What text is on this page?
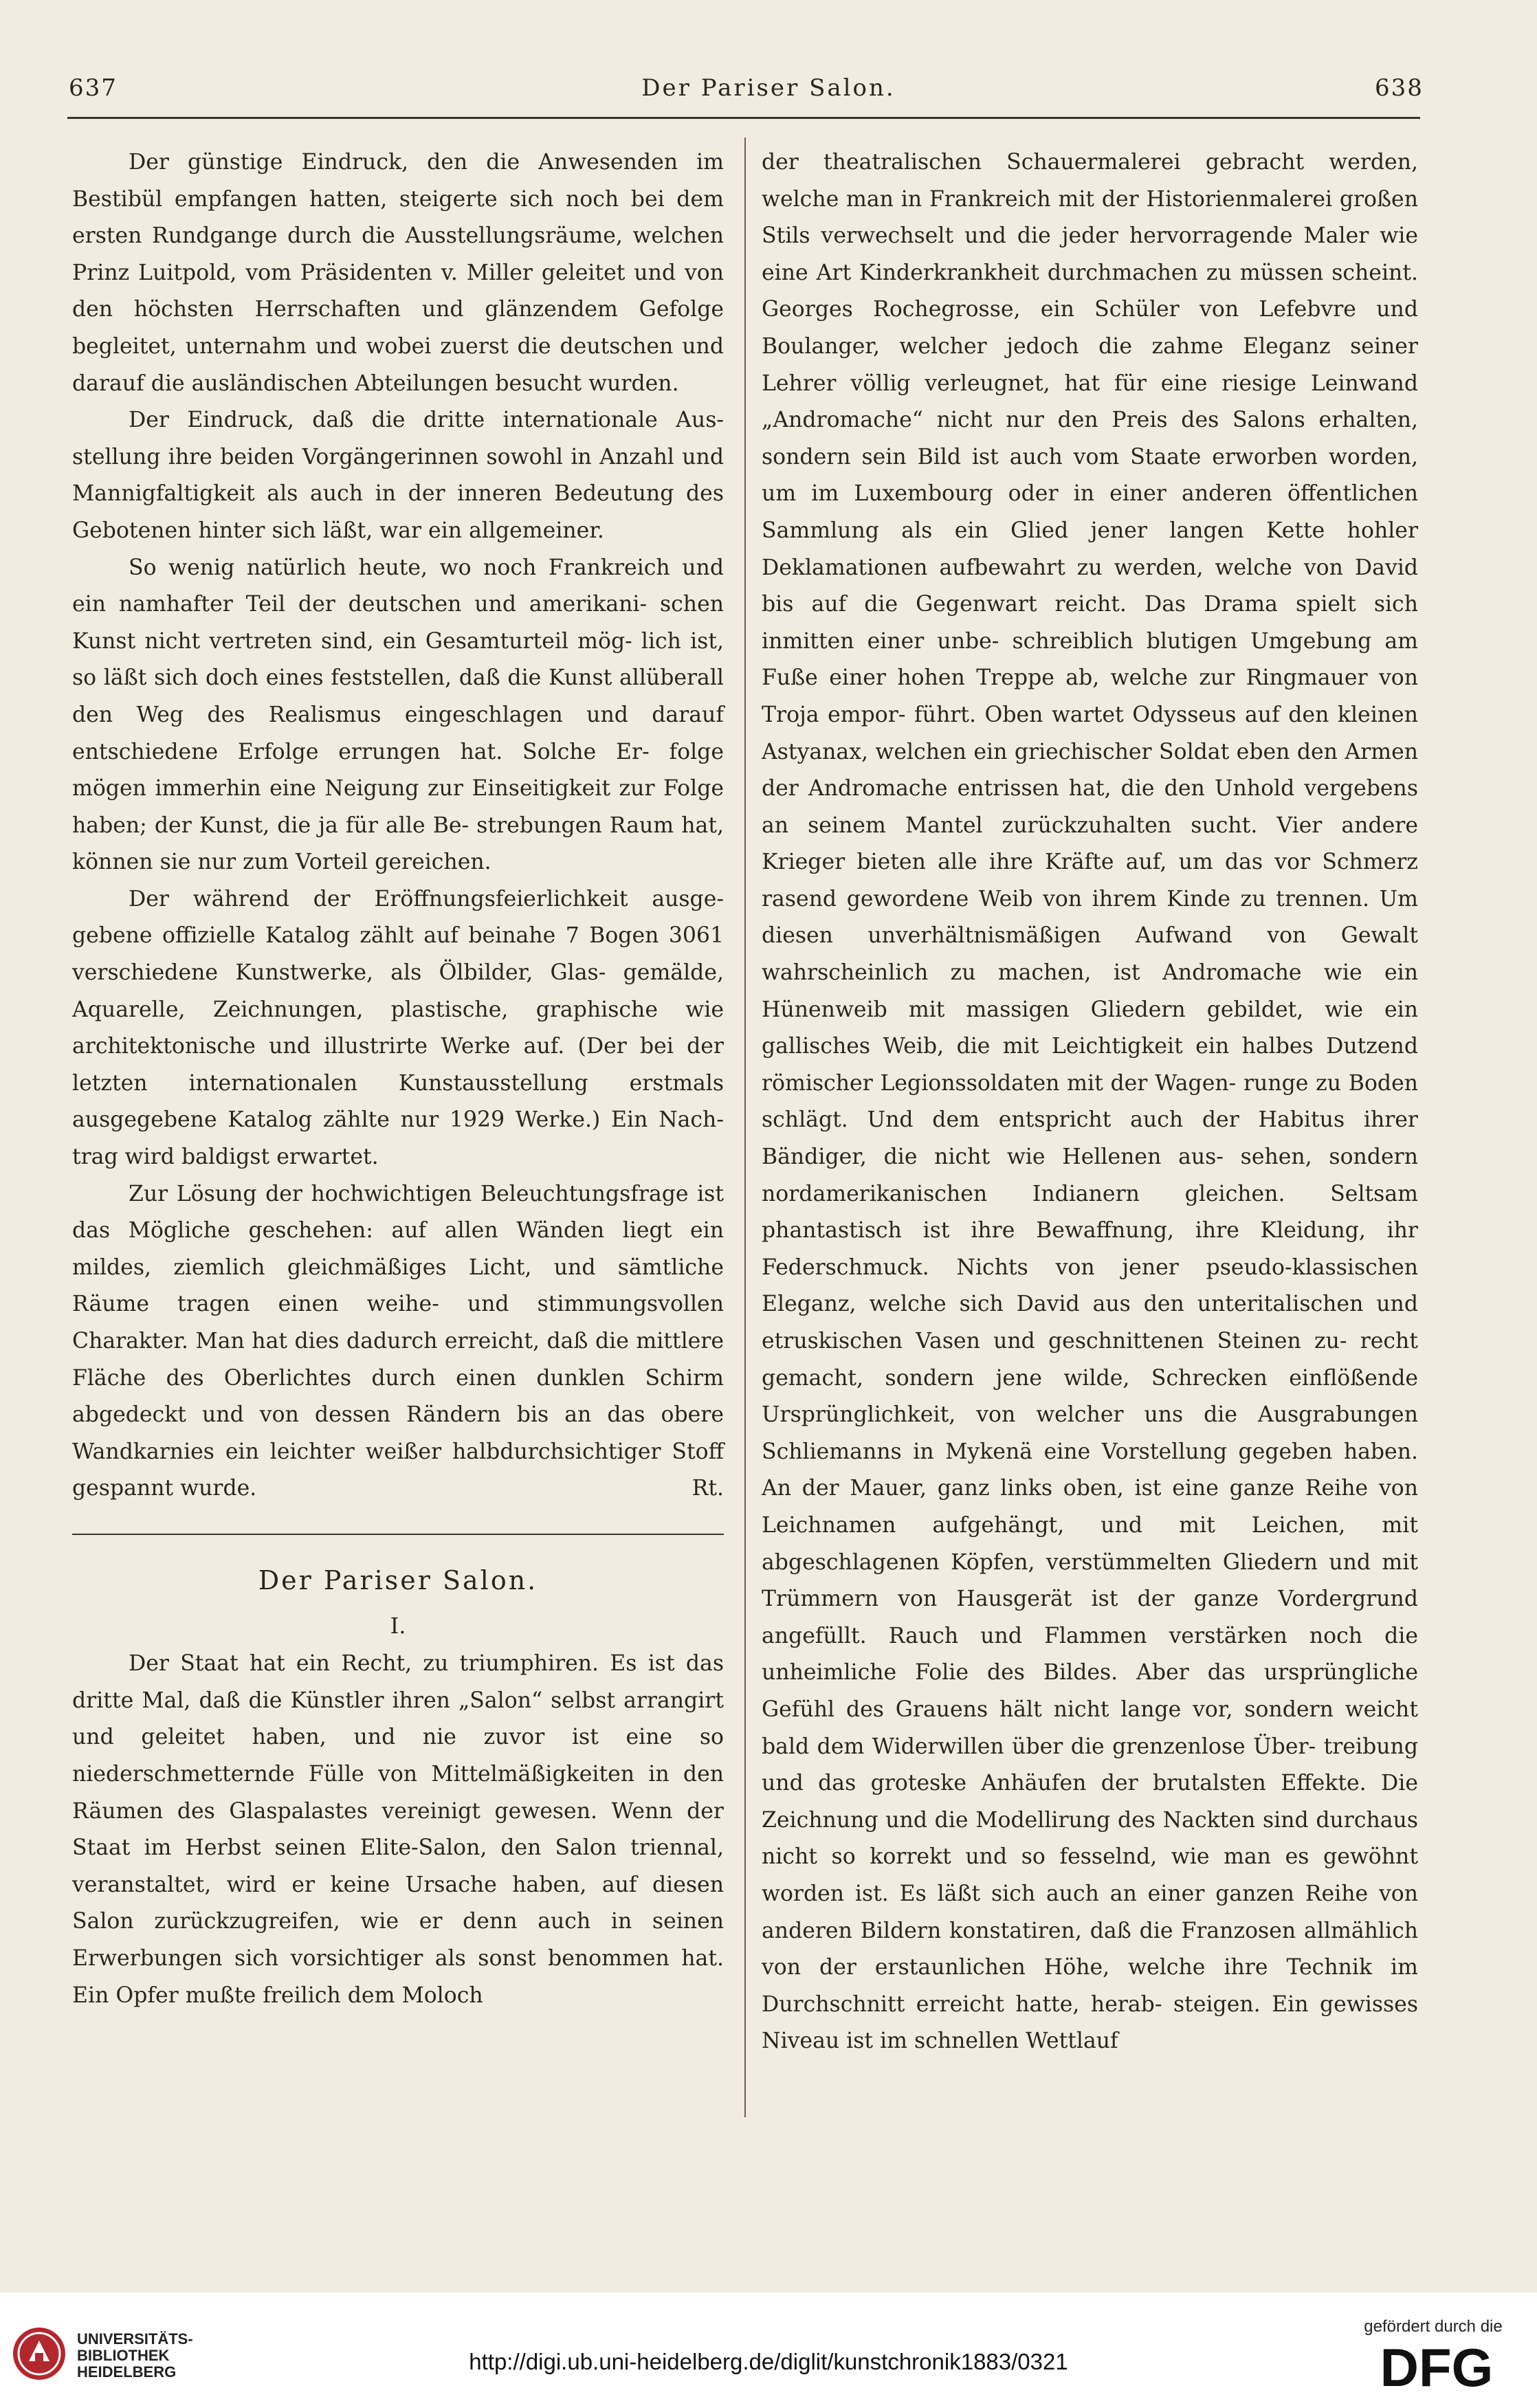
637	Der Pariser Salon.	638

Der günstige Eindruck, den die Anwesenden im Bestibül empfangen hatten, steigerte sich noch bei dem ersten Rundgange durch die Ausstellungsräume, welchen Prinz Luitpold, vom Präsidenten v. Miller geleitet und von den höchsten Herrschaften und glänzendem Gefolge begleitet, unternahm und wobei zuerst die deutschen und darauf die ausländischen Abteilungen besucht wurden.

Der Eindruck, daß die dritte internationale Aus- stellung ihre beiden Vorgängerinnen sowohl in Anzahl und Mannigfaltigkeit als auch in der inneren Bedeutung des Gebotenen hinter sich läßt, war ein allgemeiner.

So wenig natürlich heute, wo noch Frankreich und ein namhafter Teil der deutschen und amerikani- schen Kunst nicht vertreten sind, ein Gesamturteil mög- lich ist, so läßt sich doch eines feststellen, daß die Kunst allüberall den Weg des Realismus eingeschlagen und darauf entschiedene Erfolge errungen hat. Solche Er- folge mögen immerhin eine Neigung zur Einseitigkeit zur Folge haben; der Kunst, die ja für alle Be- strebungen Raum hat, können sie nur zum Vorteil gereichen.

Der während der Eröffnungsfeierlichkeit ausge- gebene offizielle Katalog zählt auf beinahe 7 Bogen 3061 verschiedene Kunstwerke, als Ölbilder, Glas- gemälde, Aquarelle, Zeichnungen, plastische, graphische wie architektonische und illustrirte Werke auf. (Der bei der letzten internationalen Kunstausstellung erstmals ausgegebene Katalog zählte nur 1929 Werke.) Ein Nach- trag wird baldigst erwartet.

Zur Lösung der hochwichtigen Beleuchtungsfrage ist das Mögliche geschehen: auf allen Wänden liegt ein mildes, ziemlich gleichmäßiges Licht, und sämtliche Räume tragen einen weihe- und stimmungsvollen Charakter. Man hat dies dadurch erreicht, daß die mittlere Fläche des Oberlichtes durch einen dunklen Schirm abgedeckt und von dessen Rändern bis an das obere Wandkarnies ein leichter weißer halbdurchsichtiger Stoff gespannt wurde.	Rt.

Der Pariser Salon.
I.

Der Staat hat ein Recht, zu triumphiren. Es ist das dritte Mal, daß die Künstler ihren „Salon“ selbst arrangirt und geleitet haben, und nie zuvor ist eine so niederschmetternde Fülle von Mittelmäßigkeiten in den Räumen des Glaspalastes vereinigt gewesen. Wenn der Staat im Herbst seinen Elite-Salon, den Salon triennal, veranstaltet, wird er keine Ursache haben, auf diesen Salon zurückzugreifen, wie er denn auch in seinen Erwerbungen sich vorsichtiger als sonst benommen hat. Ein Opfer mußte freilich dem Moloch

der theatralischen Schauermalerei gebracht werden, welche man in Frankreich mit der Historienmalerei großen Stils verwechselt und die jeder hervorragende Maler wie eine Art Kinderkrankheit durchmachen zu müssen scheint. Georges Rochegrosse, ein Schüler von Lefebvre und Boulanger, welcher jedoch die zahme Eleganz seiner Lehrer völlig verleugnet, hat für eine riesige Leinwand „Andromache“ nicht nur den Preis des Salons erhalten, sondern sein Bild ist auch vom Staate erworben worden, um im Luxembourg oder in einer anderen öffentlichen Sammlung als ein Glied jener langen Kette hohler Deklamationen aufbewahrt zu werden, welche von David bis auf die Gegenwart reicht. Das Drama spielt sich inmitten einer unbe- schreiblich blutigen Umgebung am Fuße einer hohen Treppe ab, welche zur Ringmauer von Troja empor- führt. Oben wartet Odysseus auf den kleinen Astyanax, welchen ein griechischer Soldat eben den Armen der Andromache entrissen hat, die den Unhold vergebens an seinem Mantel zurückzuhalten sucht. Vier andere Krieger bieten alle ihre Kräfte auf, um das vor Schmerz rasend gewordene Weib von ihrem Kinde zu trennen. Um diesen unverhältnismäßigen Aufwand von Gewalt wahrscheinlich zu machen, ist Andromache wie ein Hünenweib mit massigen Gliedern gebildet, wie ein gallisches Weib, die mit Leichtigkeit ein halbes Dutzend römischer Legionssoldaten mit der Wagen- runge zu Boden schlägt. Und dem entspricht auch der Habitus ihrer Bändiger, die nicht wie Hellenen aus- sehen, sondern nordamerikanischen Indianern gleichen. Seltsam phantastisch ist ihre Bewaffnung, ihre Kleidung, ihr Federschmuck. Nichts von jener pseudo-klassischen Eleganz, welche sich David aus den unteritalischen und etruskischen Vasen und geschnittenen Steinen zu- recht gemacht, sondern jene wilde, Schrecken einflößende Ursprünglichkeit, von welcher uns die Ausgrabungen Schliemanns in Mykenä eine Vorstellung gegeben haben. An der Mauer, ganz links oben, ist eine ganze Reihe von Leichnamen aufgehängt, und mit Leichen, mit abgeschlagenen Köpfen, verstümmelten Gliedern und mit Trümmern von Hausgerät ist der ganze Vordergrund angefüllt. Rauch und Flammen verstärken noch die unheimliche Folie des Bildes. Aber das ursprüngliche Gefühl des Grauens hält nicht lange vor, sondern weicht bald dem Widerwillen über die grenzenlose Über- treibung und das groteske Anhäufen der brutalsten Effekte. Die Zeichnung und die Modellirung des Nackten sind durchaus nicht so korrekt und so fesselnd, wie man es gewöhnt worden ist. Es läßt sich auch an einer ganzen Reihe von anderen Bildern konstatiren, daß die Franzosen allmählich von der erstaunlichen Höhe, welche ihre Technik im Durchschnitt erreicht hatte, herab- steigen. Ein gewisses Niveau ist im schnellen Wettlauf

UNIVERSITÄTS-
BIBLIOTHEK
HEIDELBERG	http://digi.ub.uni-heidelberg.de/diglit/kunstchronik1883/0321
gefördert durch die
DFG
